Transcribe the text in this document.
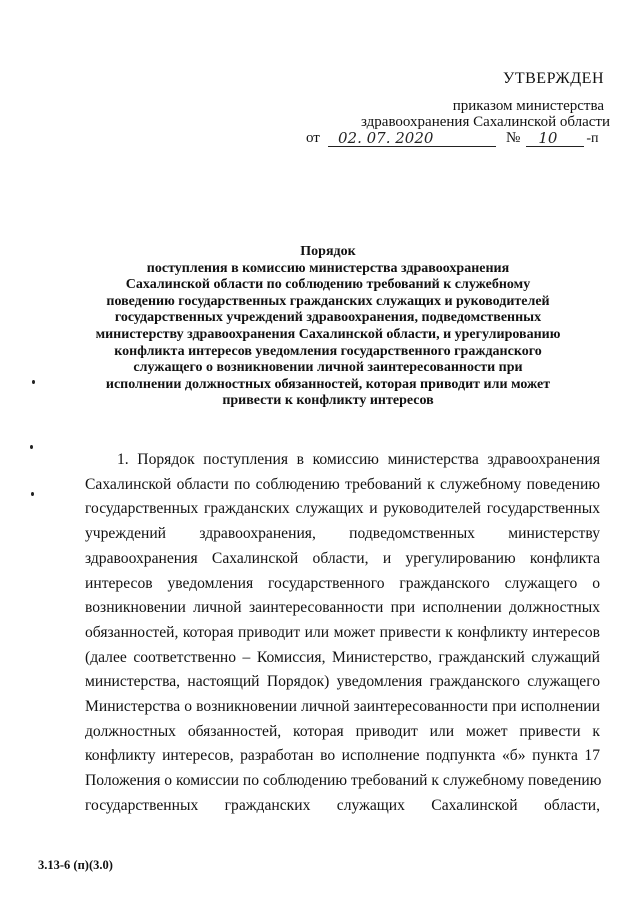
УТВЕРЖДЕН
приказом министерства
здравоохранения Сахалинской области
от 02. 07. 2020	№ 10 -п
Порядок
поступления в комиссию министерства здравоохранения
Сахалинской области по соблюдению требований к служебному
поведению государственных гражданских служащих и руководителей
государственных учреждений здравоохранения, подведомственных
министерству здравоохранения Сахалинской области, и урегулированию
конфликта интересов уведомления государственного гражданского
служащего о возникновении личной заинтересованности при
исполнении должностных обязанностей, которая приводит или может
привести к конфликту интересов
1. Порядок поступления в комиссию министерства здравоохранения
Сахалинской области по соблюдению требований к служебному поведению
государственных гражданских служащих и руководителей государственных
учреждений здравоохранения, подведомственных министерству
здравоохранения Сахалинской области, и урегулированию конфликта
интересов уведомления государственного гражданского служащего о
возникновении личной заинтересованности при исполнении должностных
обязанностей, которая приводит или может привести к конфликту интересов
(далее соответственно – Комиссия, Министерство, гражданский служащий
министерства, настоящий Порядок) уведомления гражданского служащего
Министерства о возникновении личной заинтересованности при исполнении
должностных обязанностей, которая приводит или может привести к
конфликту интересов, разработан во исполнение подпункта «б» пункта 17
Положения о комиссии по соблюдению требований к служебному поведению
государственных гражданских служащих Сахалинской области,
3.13-6 (п)(3.0)
